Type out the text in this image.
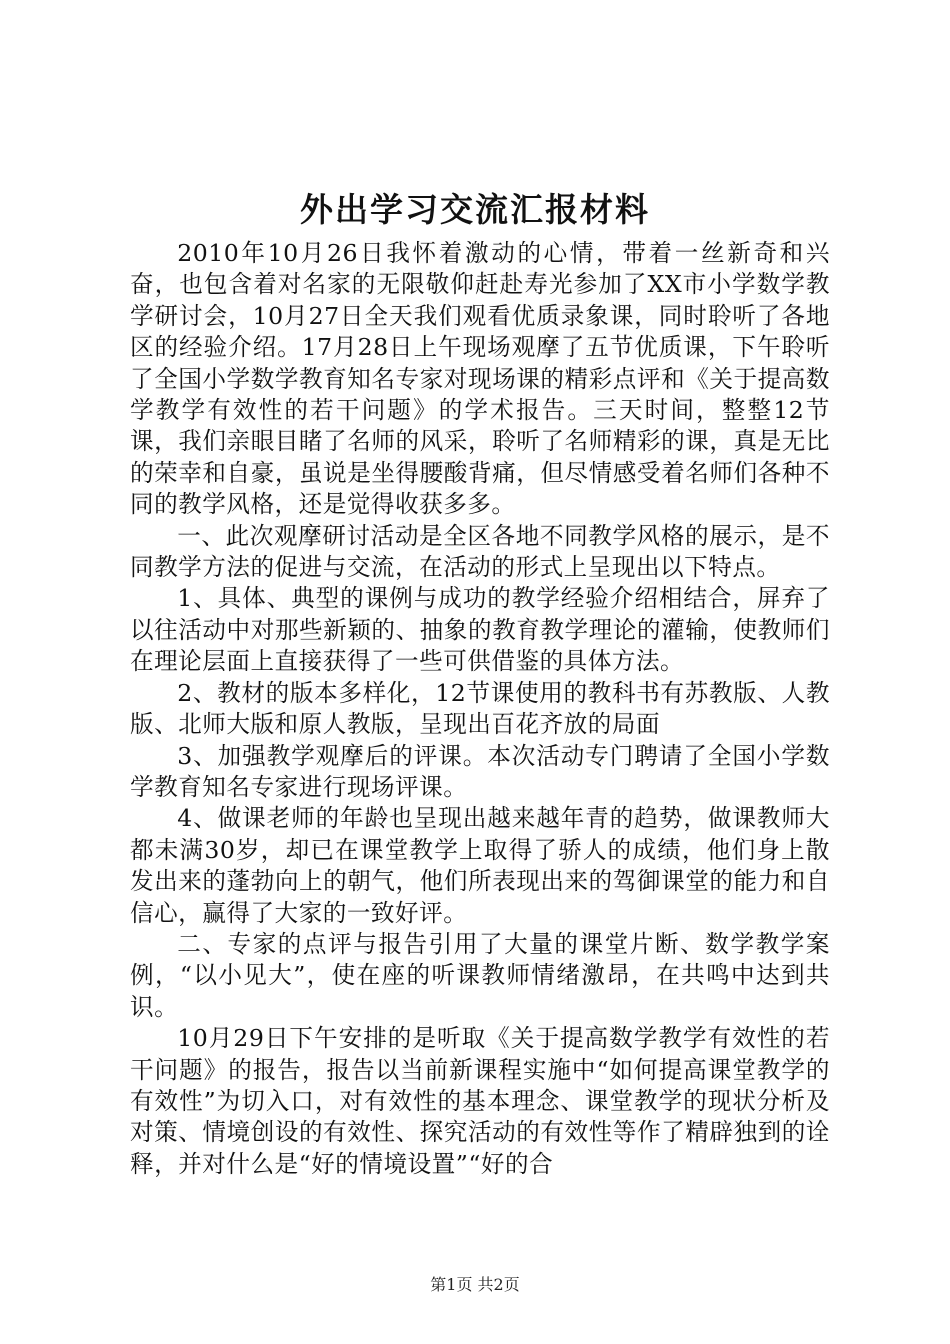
外出学习交流汇报材料

2010年10月26日我怀着激动的心情，带着一丝新奇和兴奋，也包含着对名家的无限敬仰赶赴寿光参加了XX市小学数学教学研讨会，10月27日全天我们观看优质录象课，同时聆听了各地区的经验介绍。17月28日上午现场观摩了五节优质课，下午聆听了全国小学数学教育知名专家对现场课的精彩点评和《关于提高数学教学有效性的若干问题》的学术报告。三天时间，整整12节课，我们亲眼目睹了名师的风采，聆听了名师精彩的课，真是无比的荣幸和自豪，虽说是坐得腰酸背痛，但尽情感受着名师们各种不同的教学风格，还是觉得收获多多。

一、此次观摩研讨活动是全区各地不同教学风格的展示，是不同教学方法的促进与交流，在活动的形式上呈现出以下特点。

1、具体、典型的课例与成功的教学经验介绍相结合，屏弃了以往活动中对那些新颖的、抽象的教育教学理论的灌输，使教师们在理论层面上直接获得了一些可供借鉴的具体方法。

2、教材的版本多样化，12节课使用的教科书有苏教版、人教版、北师大版和原人教版，呈现出百花齐放的局面

3、加强教学观摩后的评课。本次活动专门聘请了全国小学数学教育知名专家进行现场评课。

4、做课老师的年龄也呈现出越来越年青的趋势，做课教师大都未满30岁，却已在课堂教学上取得了骄人的成绩，他们身上散发出来的蓬勃向上的朝气，他们所表现出来的驾御课堂的能力和自信心，赢得了大家的一致好评。

二、专家的点评与报告引用了大量的课堂片断、数学教学案例，“以小见大”，使在座的听课教师情绪激昂，在共鸣中达到共识。

10月29日下午安排的是听取《关于提高数学教学有效性的若干问题》的报告，报告以当前新课程实施中“如何提高课堂教学的有效性”为切入口，对有效性的基本理念、课堂教学的现状分析及对策、情境创设的有效性、探究活动的有效性等作了精辟独到的诠释，并对什么是“好的情境设置”“好的合

第1页 共2页
